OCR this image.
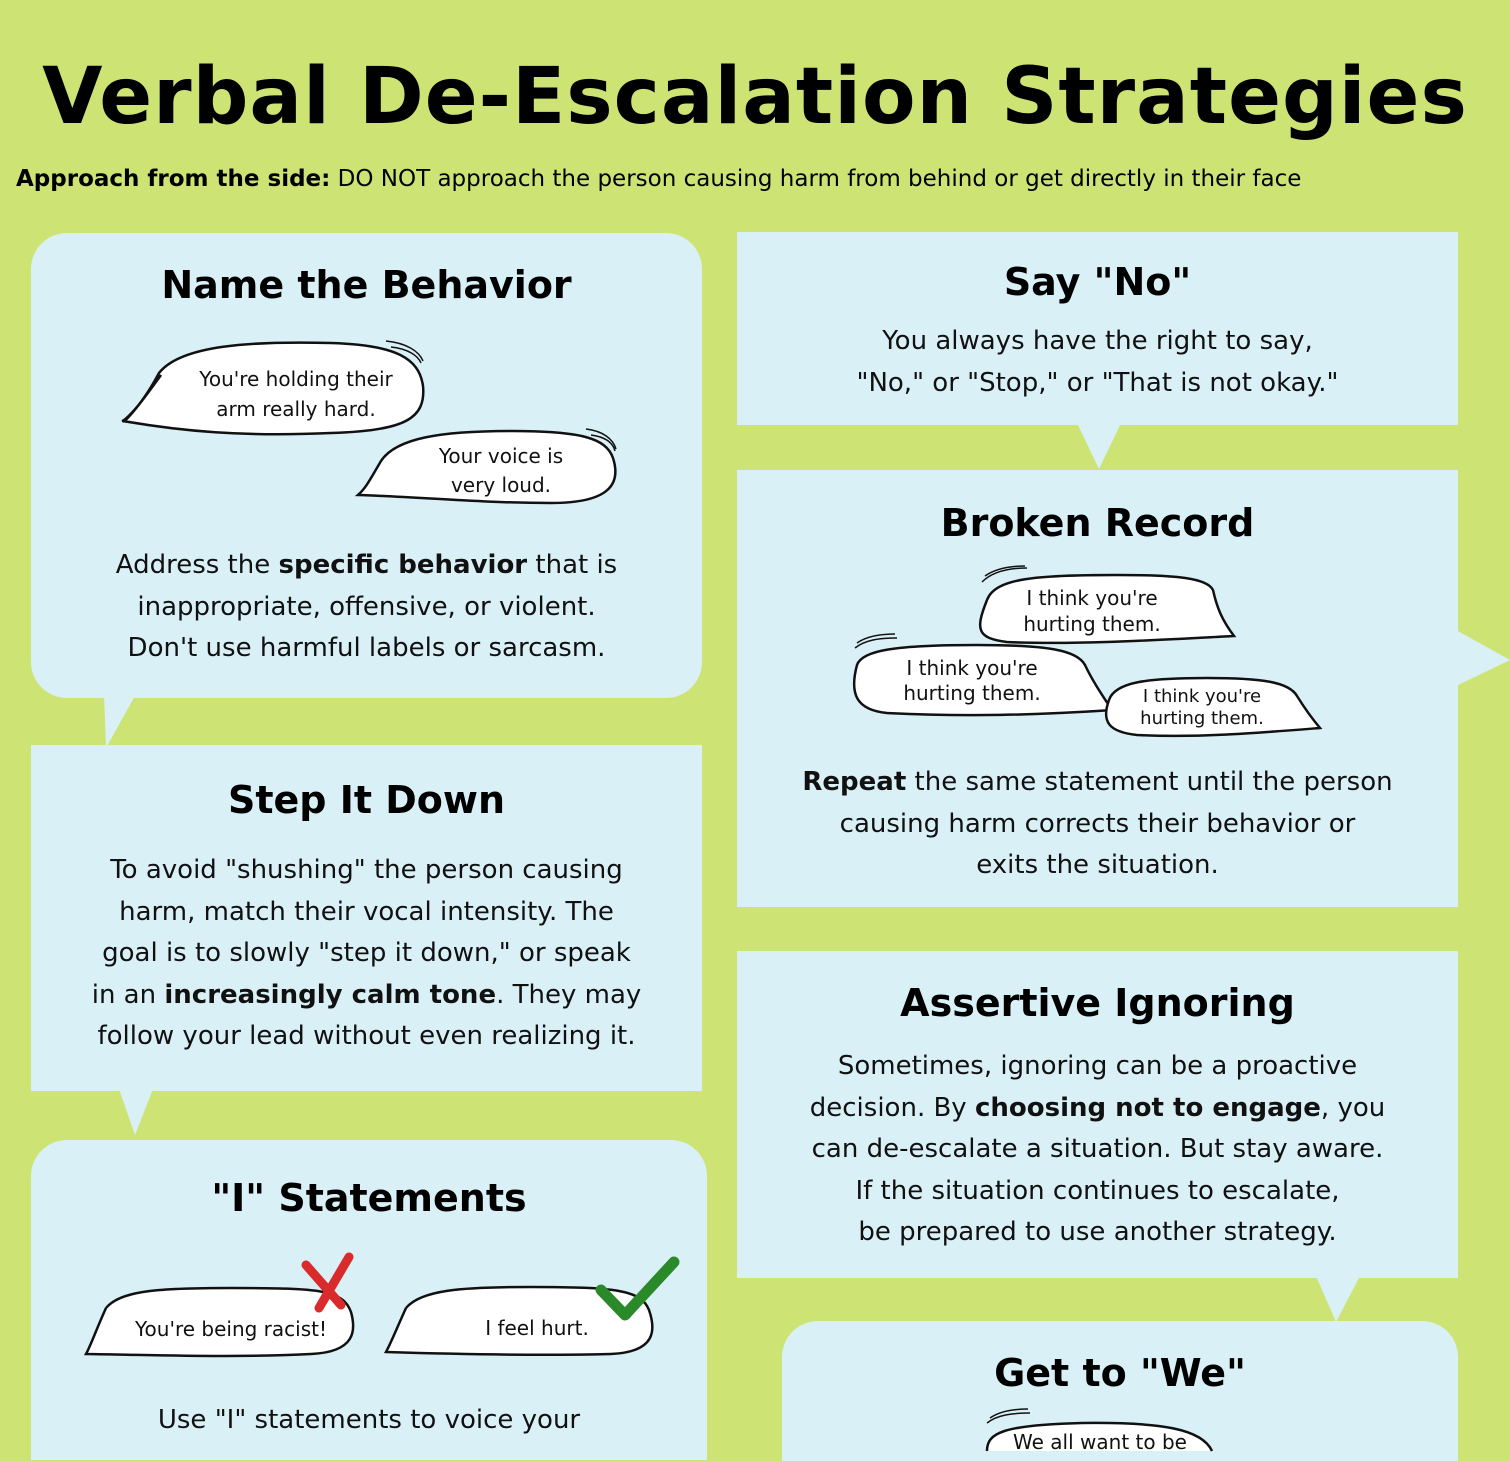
Verbal De-Escalation Strategies
Approach from the side: DO NOT approach the person causing harm from behind or get directly in their face
Name the Behavior
You're holding their
arm really hard.
Your voice is
very loud.
Address the specific behavior that is
inappropriate, offensive, or violent.
Don't use harmful labels or sarcasm.
Step It Down
To avoid "shushing" the person causing
harm, match their vocal intensity. The
goal is to slowly "step it down," or speak
in an increasingly calm tone. They may
follow your lead without even realizing it.
"I" Statements
You're being racist!	I feel hurt.
Use "I" statements to voice your
Say "No"
You always have the right to say,
"No," or "Stop," or "That is not okay."
Broken Record
I think you're
hurting them.
I think you're
hurting them.	I think you're
hurting them.
Repeat the same statement until the person
causing harm corrects their behavior or
exits the situation.
Assertive Ignoring
Sometimes, ignoring can be a proactive
decision. By choosing not to engage, you
can de-escalate a situation. But stay aware.
If the situation continues to escalate,
be prepared to use another strategy.
Get to "We"
We all want to be
